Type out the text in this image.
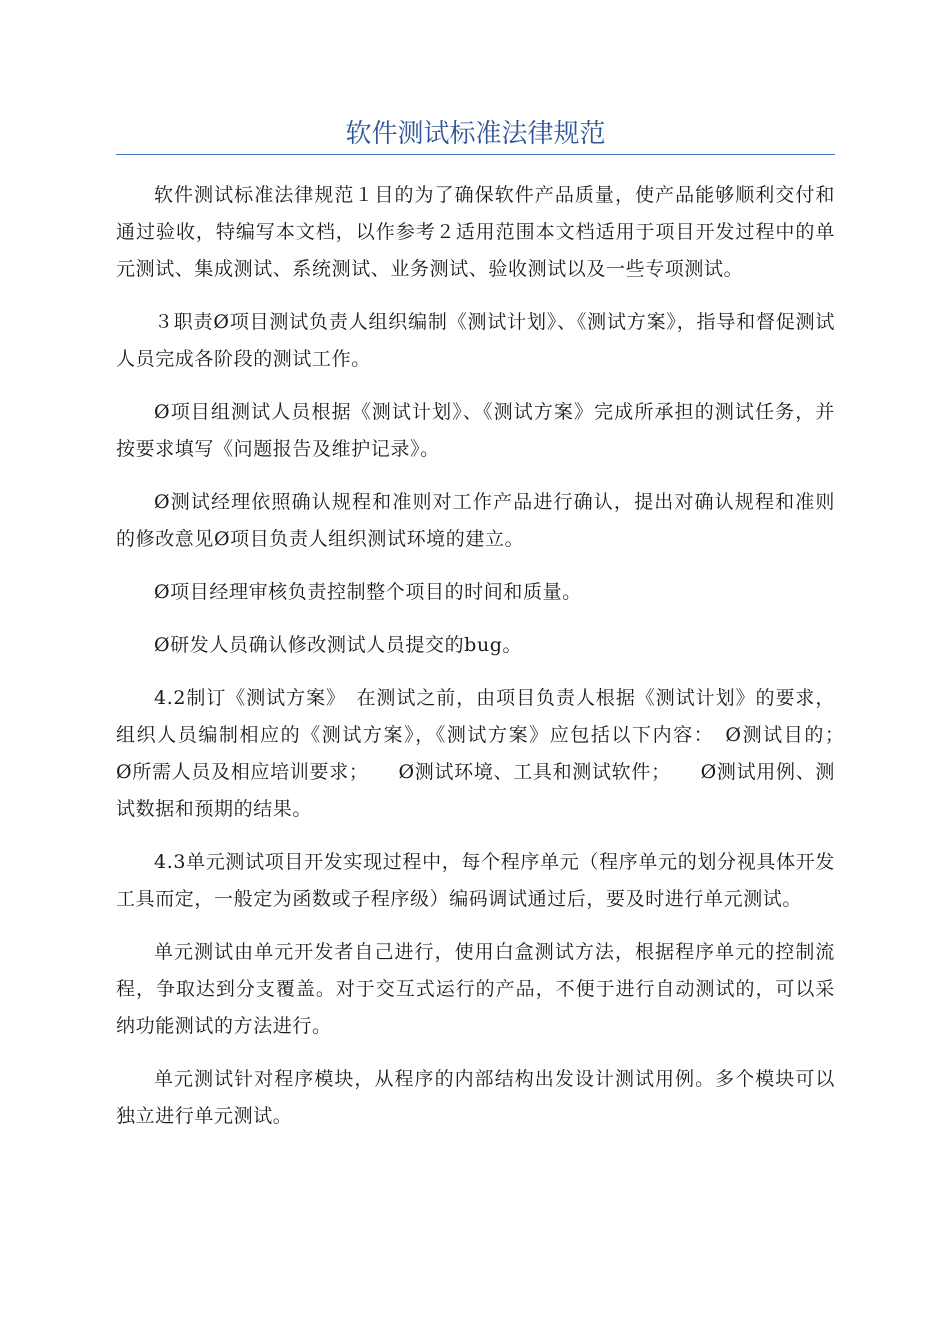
软件测试标准法律规范

软件测试标准法律规范１目的为了确保软件产品质量，使产品能够顺利交付和通过验收，特编写本文档，以作参考２适用范围本文档适用于项目开发过程中的单元测试、集成测试、系统测试、业务测试、验收测试以及一些专项测试。

３职责Ø项目测试负责人组织编制《测试计划》、《测试方案》，指导和督促测试人员完成各阶段的测试工作。

Ø项目组测试人员根据《测试计划》、《测试方案》完成所承担的测试任务，并按要求填写《问题报告及维护记录》。

Ø测试经理依照确认规程和准则对工作产品进行确认，提出对确认规程和准则的修改意见Ø项目负责人组织测试环境的建立。

Ø项目经理审核负责控制整个项目的时间和质量。

Ø研发人员确认修改测试人员提交的bug。

4.2制订《测试方案》　在测试之前，由项目负责人根据《测试计划》的要求，组织人员编制相应的《测试方案》，《测试方案》应包括以下内容：　Ø测试目的；　　Ø所需人员及相应培训要求；　　Ø测试环境、工具和测试软件；　　Ø测试用例、测试数据和预期的结果。

4.3单元测试项目开发实现过程中，每个程序单元（程序单元的划分视具体开发工具而定，一般定为函数或子程序级）编码调试通过后，要及时进行单元测试。

单元测试由单元开发者自己进行，使用白盒测试方法，根据程序单元的控制流程，争取达到分支覆盖。对于交互式运行的产品，不便于进行自动测试的，可以采纳功能测试的方法进行。

单元测试针对程序模块，从程序的内部结构出发设计测试用例。多个模块可以独立进行单元测试。
